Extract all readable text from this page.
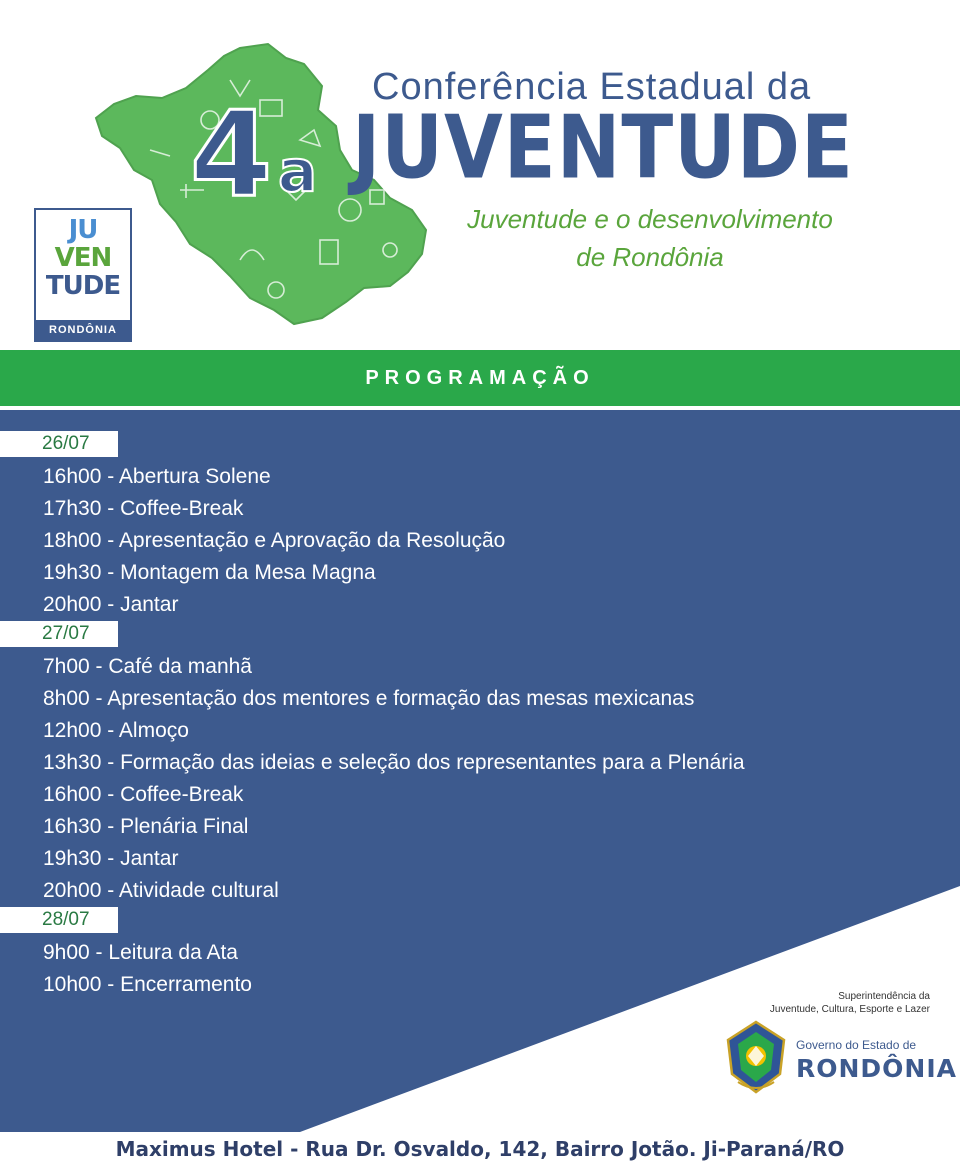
4 a
Conferência Estadual da
JUVENTUDE
Juventude e o desenvolvimento
de Rondônia
JU
VEN
TUDE
RONDÔNIA
PROGRAMAÇÃO
26/07
16h00 - Abertura Solene
17h30 - Coffee-Break
18h00 - Apresentação e Aprovação da Resolução
19h30 - Montagem da Mesa Magna
20h00 - Jantar
27/07
7h00 - Café da manhã
8h00 - Apresentação dos mentores e formação das mesas mexicanas
12h00 - Almoço
13h30 - Formação das ideias e seleção dos representantes para a Plenária
16h00 - Coffee-Break
16h30 - Plenária Final
19h30 - Jantar
20h00 - Atividade cultural
28/07
9h00 - Leitura da Ata
10h00 - Encerramento
Superintendência da
Juventude, Cultura, Esporte e Lazer
Governo do Estado de
RONDÔNIA
Maximus Hotel - Rua Dr. Osvaldo, 142, Bairro Jotão. Ji-Paraná/RO
